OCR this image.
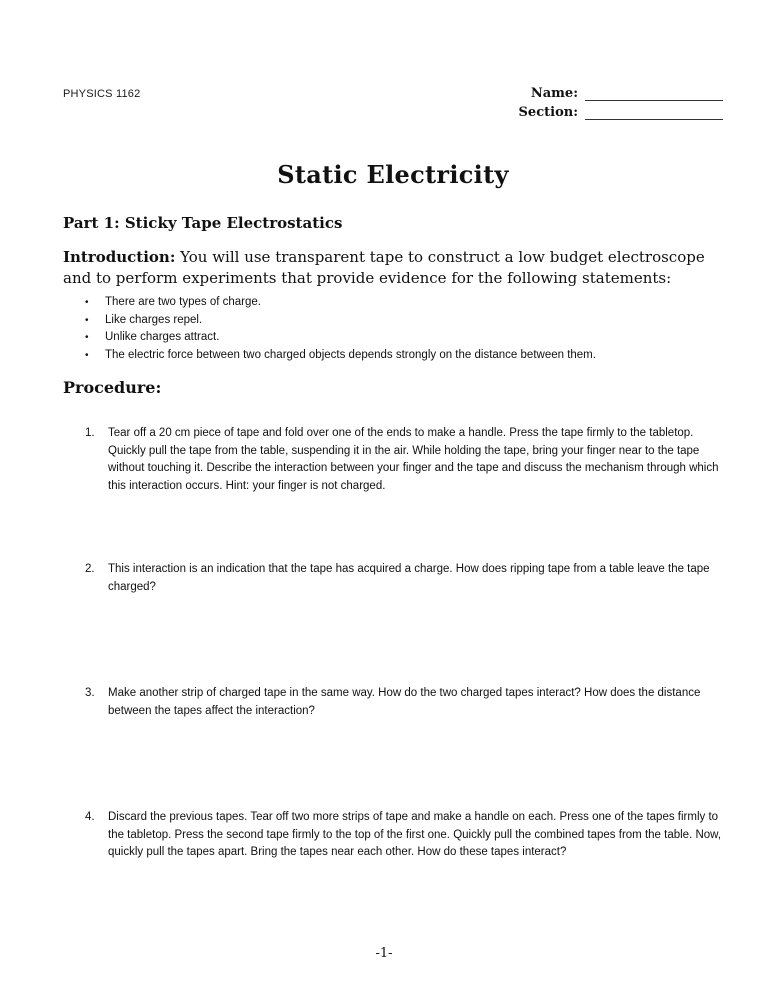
PHYSICS 1162	Name:
Section:
Static Electricity
Part 1: Sticky Tape Electrostatics
Introduction: You will use transparent tape to construct a low budget electroscope and to perform experiments that provide evidence for the following statements:
•	There are two types of charge.
•	Like charges repel.
•	Unlike charges attract.
•	The electric force between two charged objects depends strongly on the distance between them.
Procedure:
1.	Tear off a 20 cm piece of tape and fold over one of the ends to make a handle. Press the tape firmly to the tabletop. Quickly pull the tape from the table, suspending it in the air. While holding the tape, bring your finger near to the tape without touching it. Describe the interaction between your finger and the tape and discuss the mechanism through which this interaction occurs. Hint: your finger is not charged.
2.	This interaction is an indication that the tape has acquired a charge. How does ripping tape from a table leave the tape charged?
3.	Make another strip of charged tape in the same way. How do the two charged tapes interact? How does the distance between the tapes affect the interaction?
4.	Discard the previous tapes. Tear off two more strips of tape and make a handle on each. Press one of the tapes firmly to the tabletop. Press the second tape firmly to the top of the first one. Quickly pull the combined tapes from the table. Now, quickly pull the tapes apart. Bring the tapes near each other. How do these tapes interact?
-1-
